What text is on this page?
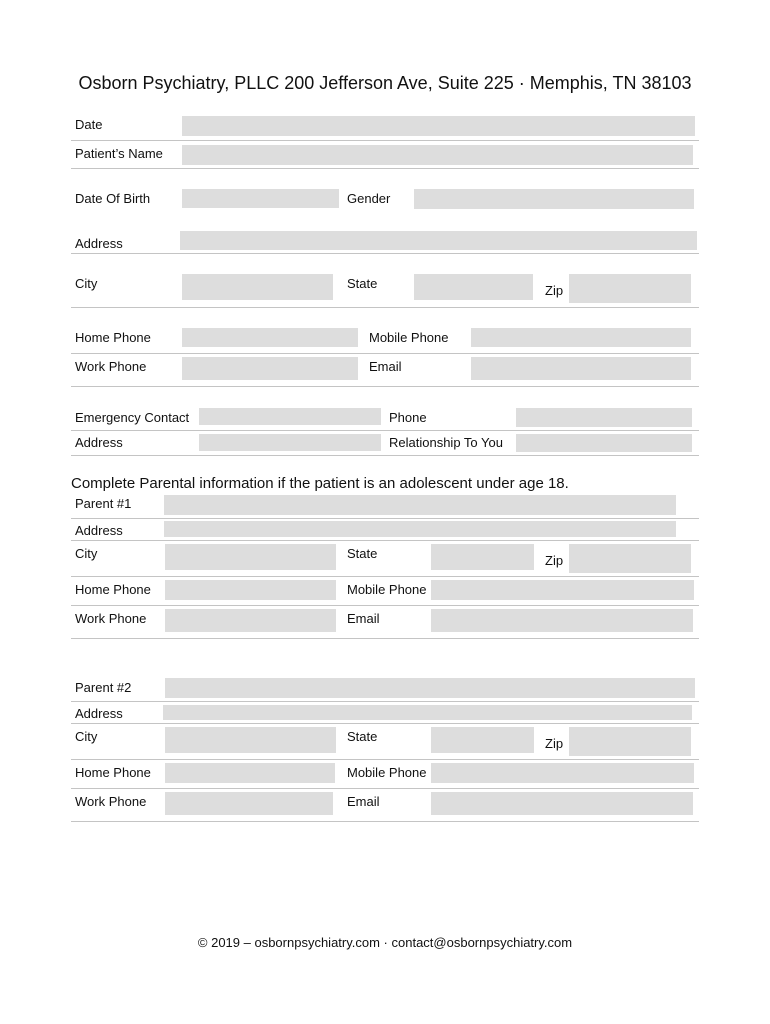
Osborn Psychiatry, PLLC 200 Jefferson Ave, Suite 225 · Memphis, TN 38103
Date
Patient’s Name
Date Of Birth	Gender
Address
City	State	Zip
Home Phone	Mobile Phone
Work Phone	Email
Emergency Contact	Phone
Address	Relationship To You
Complete Parental information if the patient is an adolescent under age 18.
Parent #1
Address
City	State	Zip
Home Phone	Mobile Phone
Work Phone	Email
Parent #2
Address
City	State	Zip
Home Phone	Mobile Phone
Work Phone	Email
© 2019 – osbornpsychiatry.com · contact@osbornpsychiatry.com
